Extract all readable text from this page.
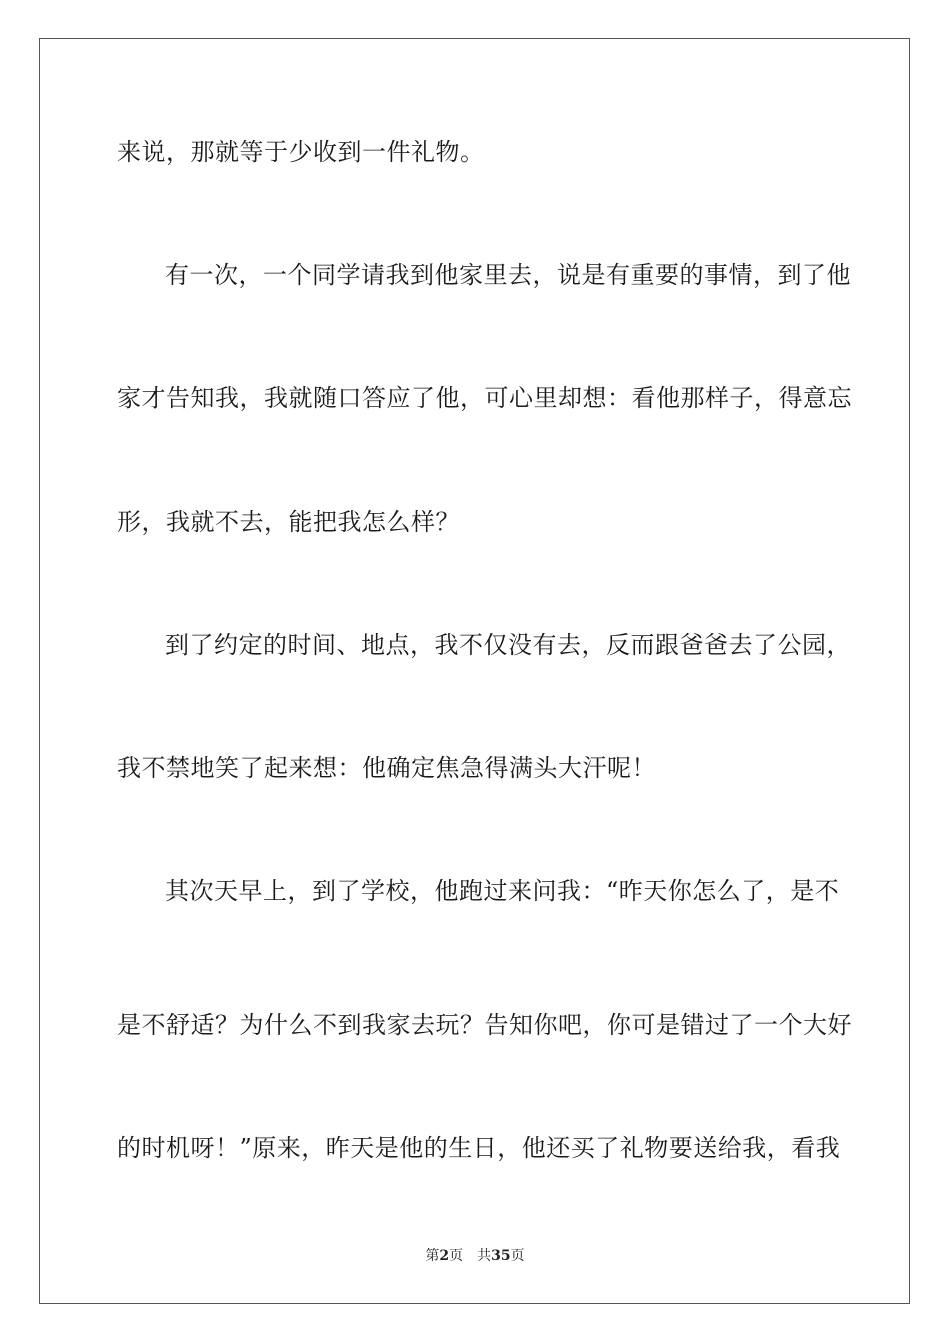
来说，那就等于少收到一件礼物。
有一次，一个同学请我到他家里去，说是有重要的事情，到了他
家才告知我，我就随口答应了他，可心里却想：看他那样子，得意忘
形，我就不去，能把我怎么样？
到了约定的时间、地点，我不仅没有去，反而跟爸爸去了公园，
我不禁地笑了起来想：他确定焦急得满头大汗呢！
其次天早上，到了学校，他跑过来问我：“昨天你怎么了，是不
是不舒适？为什么不到我家去玩？告知你吧，你可是错过了一个大好
的时机呀！”原来，昨天是他的生日，他还买了礼物要送给我，看我
第2页 共35页
